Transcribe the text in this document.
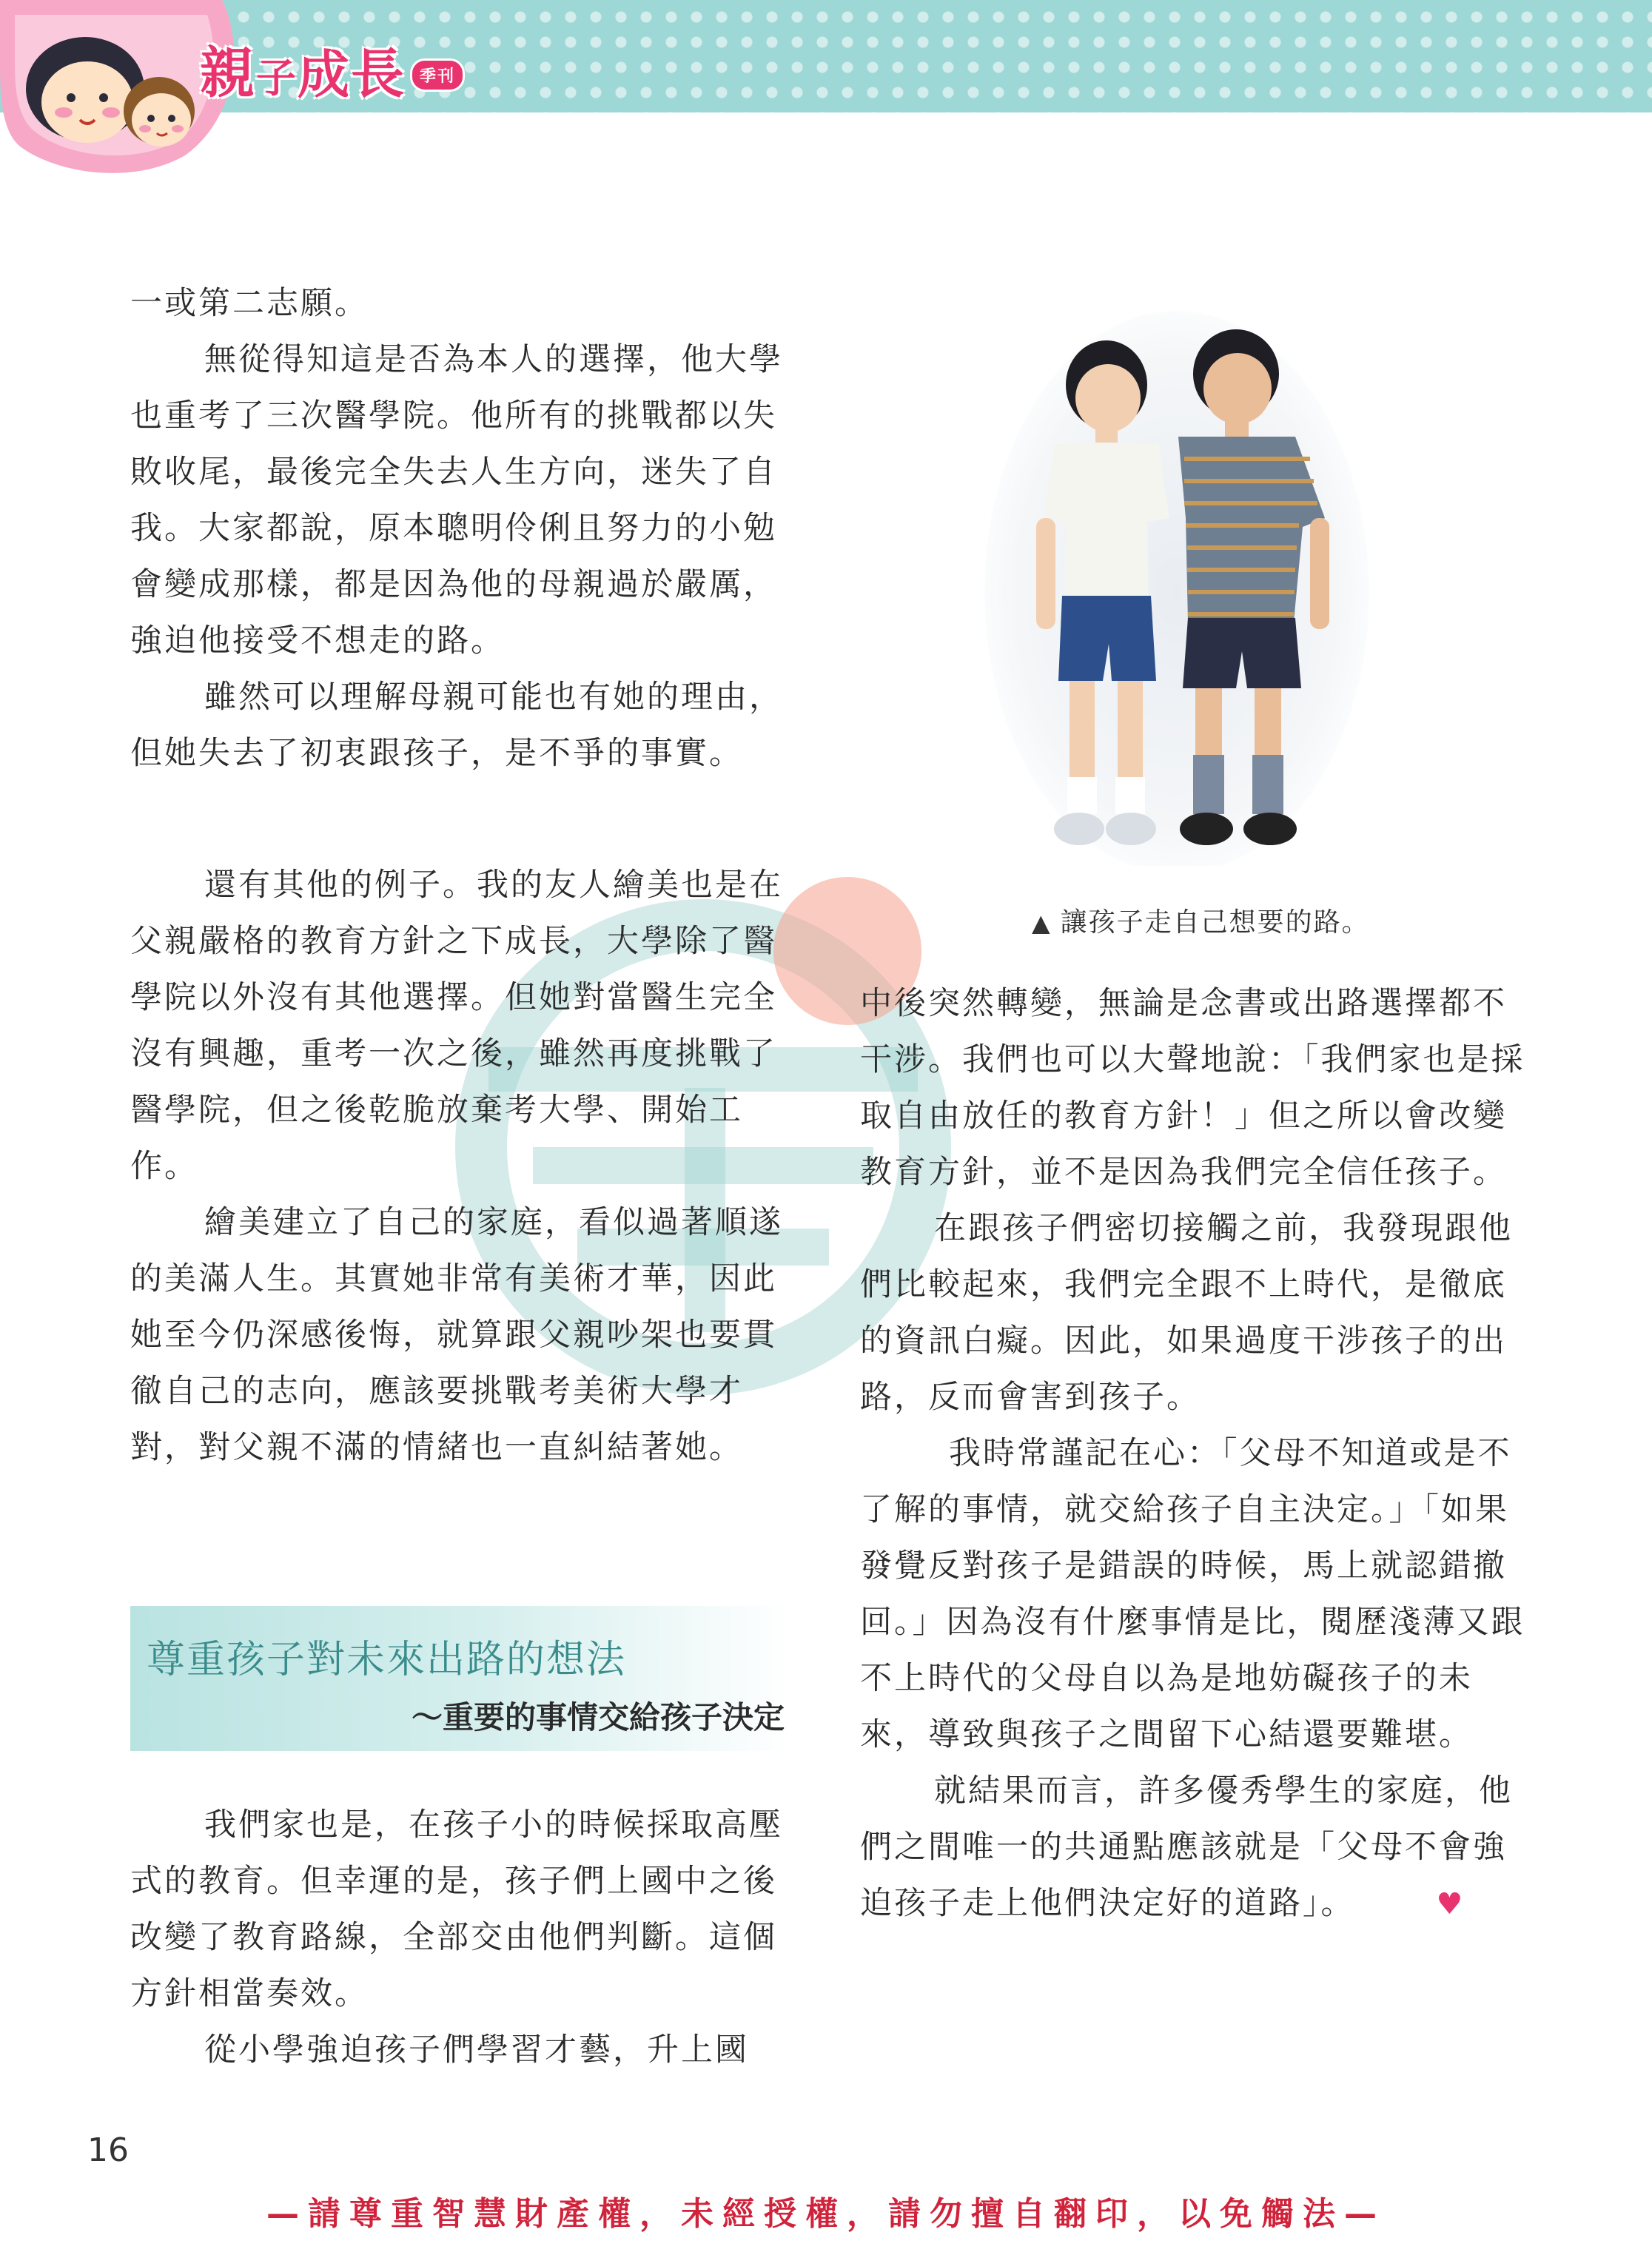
親 子 成 長 季刊

一或第二志願。

無從得知這是否為本人的選擇，他大學也重考了三次醫學院。他所有的挑戰都以失敗收尾，最後完全失去人生方向，迷失了自我。大家都說，原本聰明伶俐且努力的小勉會變成那樣，都是因為他的母親過於嚴厲，強迫他接受不想走的路。

雖然可以理解母親可能也有她的理由，但她失去了初衷跟孩子，是不爭的事實。

還有其他的例子。我的友人繪美也是在父親嚴格的教育方針之下成長，大學除了醫學院以外沒有其他選擇。但她對當醫生完全沒有興趣，重考一次之後，雖然再度挑戰了醫學院，但之後乾脆放棄考大學、開始工作。

繪美建立了自己的家庭，看似過著順遂的美滿人生。其實她非常有美術才華，因此她至今仍深感後悔，就算跟父親吵架也要貫徹自己的志向，應該要挑戰考美術大學才對，對父親不滿的情緒也一直糾結著她。

尊重孩子對未來出路的想法
～重要的事情交給孩子決定

我們家也是，在孩子小的時候採取高壓式的教育。但幸運的是，孩子們上國中之後改變了教育路線，全部交由他們判斷。這個方針相當奏效。

從小學強迫孩子們學習才藝，升上國

▲ 讓孩子走自己想要的路。

中後突然轉變，無論是念書或出路選擇都不干涉。我們也可以大聲地說：「我們家也是採取自由放任的教育方針！」但之所以會改變教育方針，並不是因為我們完全信任孩子。

在跟孩子們密切接觸之前，我發現跟他們比較起來，我們完全跟不上時代，是徹底的資訊白癡。因此，如果過度干涉孩子的出路，反而會害到孩子。

我時常謹記在心：「父母不知道或是不了解的事情，就交給孩子自主決定。」「如果發覺反對孩子是錯誤的時候，馬上就認錯撤回。」因為沒有什麼事情是比，閱歷淺薄又跟不上時代的父母自以為是地妨礙孩子的未來，導致與孩子之間留下心結還要難堪。

就結果而言，許多優秀學生的家庭，他們之間唯一的共通點應該就是「父母不會強迫孩子走上他們決定好的道路」。	♥

16
—請尊重智慧財產權，未經授權，請勿擅自翻印，以免觸法—
